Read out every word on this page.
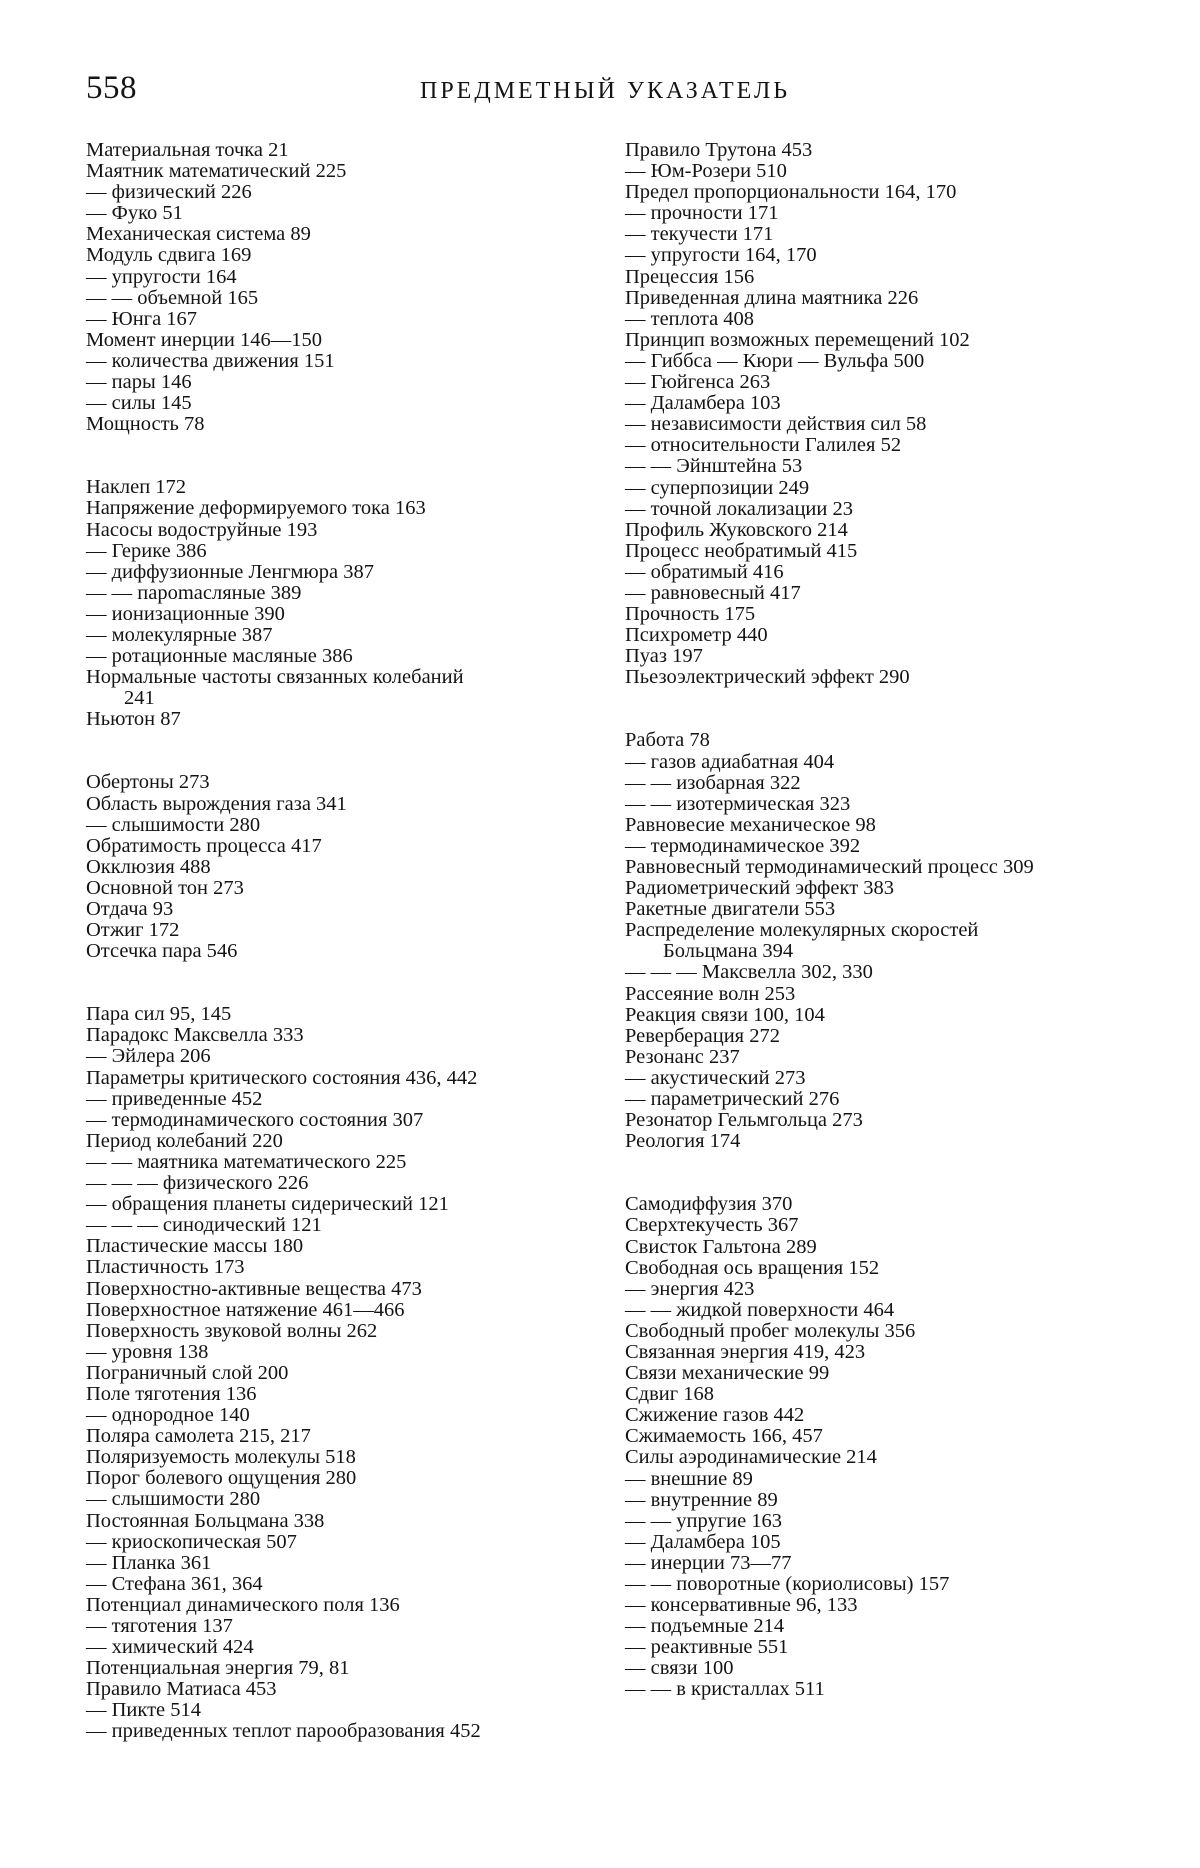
558	ПРЕДМЕТНЫЙ УКАЗАТЕЛЬ
Материальная точка 21
Маятник математический 225
— физический 226
— Фуко 51
Механическая система 89
Модуль сдвига 169
— упругости 164
— — объемной 165
— Юнга 167
Момент инерции 146—150
— количества движения 151
— пары 146
— силы 145
Мощность 78
Наклеп 172
Напряжение деформируемого тока 163
Насосы водоструйные 193
— Герике 386
— диффузионные Ленгмюра 387
— — пароmасляные 389
— ионизационные 390
— молекулярные 387
— ротационные масляные 386
Нормальные частоты связанных колебаний
241
Ньютон 87
Обертоны 273
Область вырождения газа 341
— слышимости 280
Обратимость процесса 417
Окклюзия 488
Основной тон 273
Отдача 93
Отжиг 172
Отсечка пара 546
Пара сил 95, 145
Парадокс Максвелла 333
— Эйлера 206
Параметры критического состояния 436, 442
— приведенные 452
— термодинамического состояния 307
Период колебаний 220
— — маятника математического 225
— — — физического 226
— обращения планеты сидерический 121
— — — синодический 121
Пластические массы 180
Пластичность 173
Поверхностно-активные вещества 473
Поверхностное натяжение 461—466
Поверхность звуковой волны 262
— уровня 138
Пограничный слой 200
Поле тяготения 136
— однородное 140
Поляра самолета 215, 217
Поляризуемость молекулы 518
Порог болевого ощущения 280
— слышимости 280
Постоянная Больцмана 338
— криоскопическая 507
— Планка 361
— Стефана 361, 364
Потенциал динамического поля 136
— тяготения 137
— химический 424
Потенциальная энергия 79, 81
Правило Матиаса 453
— Пикте 514
— приведенных теплот парообразования 452
Правило Трутона 453
— Юм-Розери 510
Предел пропорциональности 164, 170
— прочности 171
— текучести 171
— упругости 164, 170
Прецессия 156
Приведенная длина маятника 226
— теплота 408
Принцип возможных перемещений 102
— Гиббса — Кюри — Вульфа 500
— Гюйгенса 263
— Даламбера 103
— независимости действия сил 58
— относительности Галилея 52
— — Эйнштейна 53
— суперпозиции 249
— точной локализации 23
Профиль Жуковского 214
Процесс необратимый 415
— обратимый 416
— равновесный 417
Прочность 175
Психрометр 440
Пуаз 197
Пьезоэлектрический эффект 290
Работа 78
— газов адиабатная 404
— — изобарная 322
— — изотермическая 323
Равновесие механическое 98
— термодинамическое 392
Равновесный термодинамический процесс 309
Радиометрический эффект 383
Ракетные двигатели 553
Распределение молекулярных скоростей
Больцмана 394
— — — Максвелла 302, 330
Рассеяние волн 253
Реакция связи 100, 104
Реверберация 272
Резонанс 237
— акустический 273
— параметрический 276
Резонатор Гельмгольца 273
Реология 174
Самодиффузия 370
Сверхтекучесть 367
Свисток Гальтона 289
Свободная ось вращения 152
— энергия 423
— — жидкой поверхности 464
Свободный пробег молекулы 356
Связанная энергия 419, 423
Связи механические 99
Сдвиг 168
Сжижение газов 442
Сжимаемость 166, 457
Силы аэродинамические 214
— внешние 89
— внутренние 89
— — упругие 163
— Даламбера 105
— инерции 73—77
— — поворотные (кориолисовы) 157
— консервативные 96, 133
— подъемные 214
— реактивные 551
— связи 100
— — в кристаллах 511
